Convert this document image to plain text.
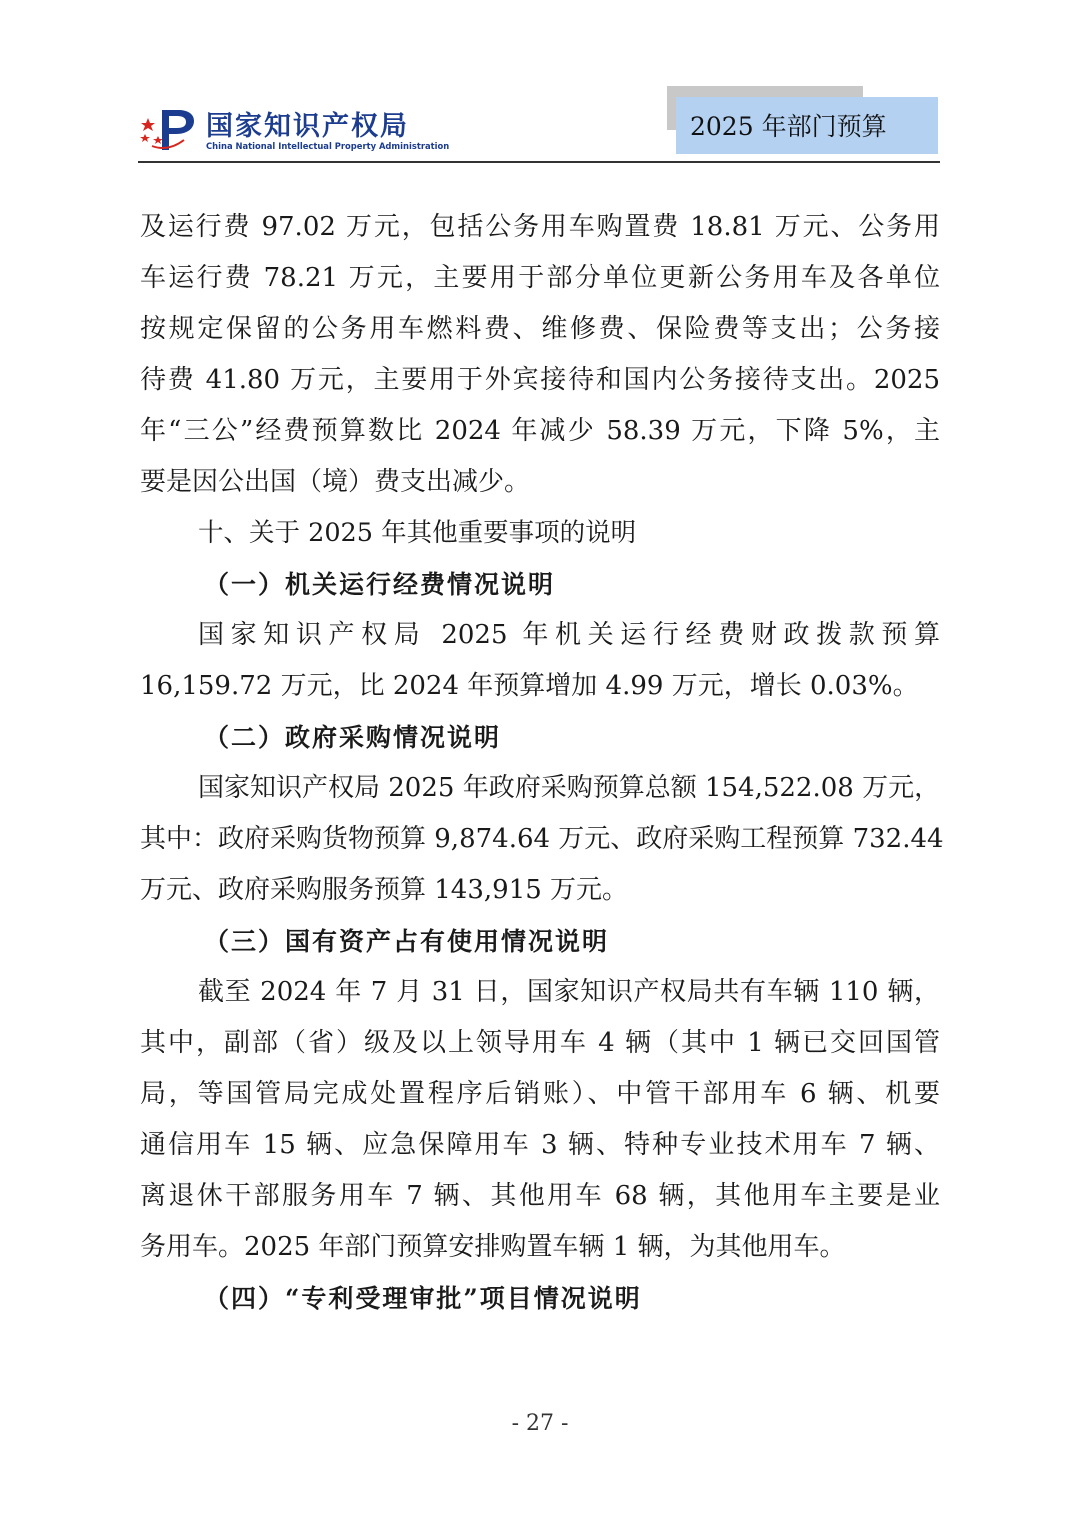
国家知识产权局
China National Intellectual Property Administration
2025 年部门预算
及运行费 97.02 万元，包括公务用车购置费 18.81 万元、公务用
车运行费 78.21 万元，主要用于部分单位更新公务用车及各单位
按规定保留的公务用车燃料费、维修费、保险费等支出；公务接
待费 41.80 万元，主要用于外宾接待和国内公务接待支出。2025
年“三公”经费预算数比 2024 年减少 58.39 万元，下降 5%，主
要是因公出国（境）费支出减少。
十、关于 2025 年其他重要事项的说明
（一）机关运行经费情况说明
国家知识产权局 2025 年机关运行经费财政拨款预算
16,159.72 万元，比 2024 年预算增加 4.99 万元，增长 0.03%。
（二）政府采购情况说明
国家知识产权局 2025 年政府采购预算总额 154,522.08 万元，
其中：政府采购货物预算 9,874.64 万元、政府采购工程预算 732.44
万元、政府采购服务预算 143,915 万元。
（三）国有资产占有使用情况说明
截至 2024 年 7 月 31 日，国家知识产权局共有车辆 110 辆，
其中，副部（省）级及以上领导用车 4 辆（其中 1 辆已交回国管
局，等国管局完成处置程序后销账）、中管干部用车 6 辆、机要
通信用车 15 辆、应急保障用车 3 辆、特种专业技术用车 7 辆、
离退休干部服务用车 7 辆、其他用车 68 辆，其他用车主要是业
务用车。2025 年部门预算安排购置车辆 1 辆，为其他用车。
（四）“专利受理审批”项目情况说明
- 27 -
